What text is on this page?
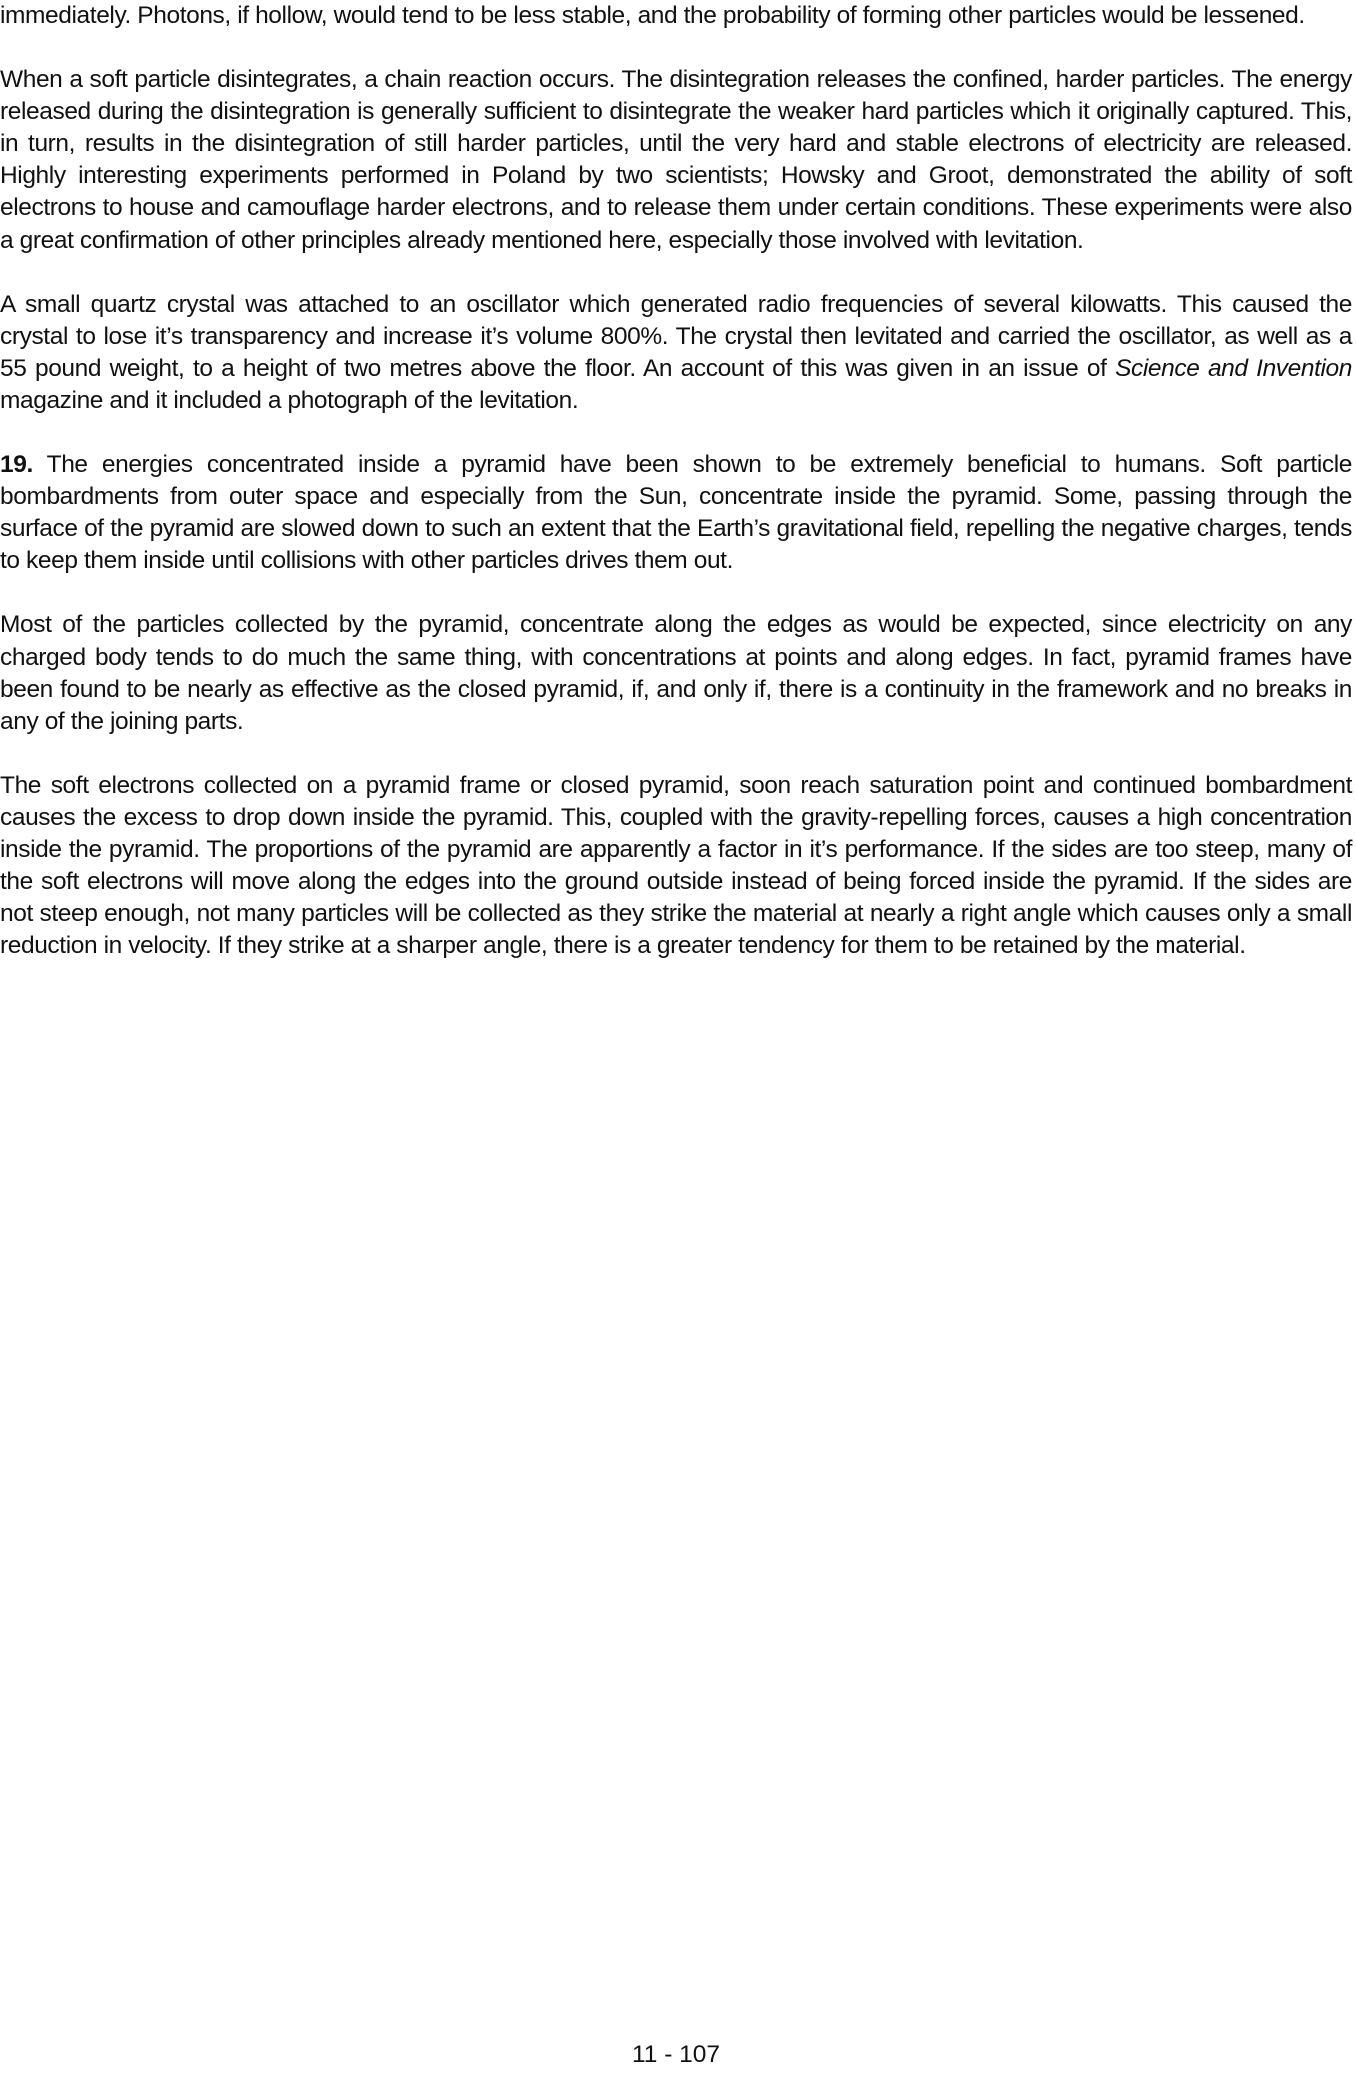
immediately. Photons, if hollow, would tend to be less stable, and the probability of forming other particles would be lessened.

When a soft particle disintegrates, a chain reaction occurs. The disintegration releases the confined, harder particles. The energy released during the disintegration is generally sufficient to disintegrate the weaker hard particles which it originally captured. This, in turn, results in the disintegration of still harder particles, until the very hard and stable electrons of electricity are released. Highly interesting experiments performed in Poland by two scientists; Howsky and Groot, demonstrated the ability of soft electrons to house and camouflage harder electrons, and to release them under certain conditions. These experiments were also a great confirmation of other principles already mentioned here, especially those involved with levitation.

A small quartz crystal was attached to an oscillator which generated radio frequencies of several kilowatts. This caused the crystal to lose it’s transparency and increase it’s volume 800%. The crystal then levitated and carried the oscillator, as well as a 55 pound weight, to a height of two metres above the floor. An account of this was given in an issue of Science and Invention magazine and it included a photograph of the levitation.

19. The energies concentrated inside a pyramid have been shown to be extremely beneficial to humans. Soft particle bombardments from outer space and especially from the Sun, concentrate inside the pyramid. Some, passing through the surface of the pyramid are slowed down to such an extent that the Earth’s gravitational field, repelling the negative charges, tends to keep them inside until collisions with other particles drives them out.

Most of the particles collected by the pyramid, concentrate along the edges as would be expected, since electricity on any charged body tends to do much the same thing, with concentrations at points and along edges. In fact, pyramid frames have been found to be nearly as effective as the closed pyramid, if, and only if, there is a continuity in the framework and no breaks in any of the joining parts.

The soft electrons collected on a pyramid frame or closed pyramid, soon reach saturation point and continued bombardment causes the excess to drop down inside the pyramid. This, coupled with the gravity-repelling forces, causes a high concentration inside the pyramid. The proportions of the pyramid are apparently a factor in it’s performance. If the sides are too steep, many of the soft electrons will move along the edges into the ground outside instead of being forced inside the pyramid. If the sides are not steep enough, not many particles will be collected as they strike the material at nearly a right angle which causes only a small reduction in velocity. If they strike at a sharper angle, there is a greater tendency for them to be retained by the material.

11 - 107
